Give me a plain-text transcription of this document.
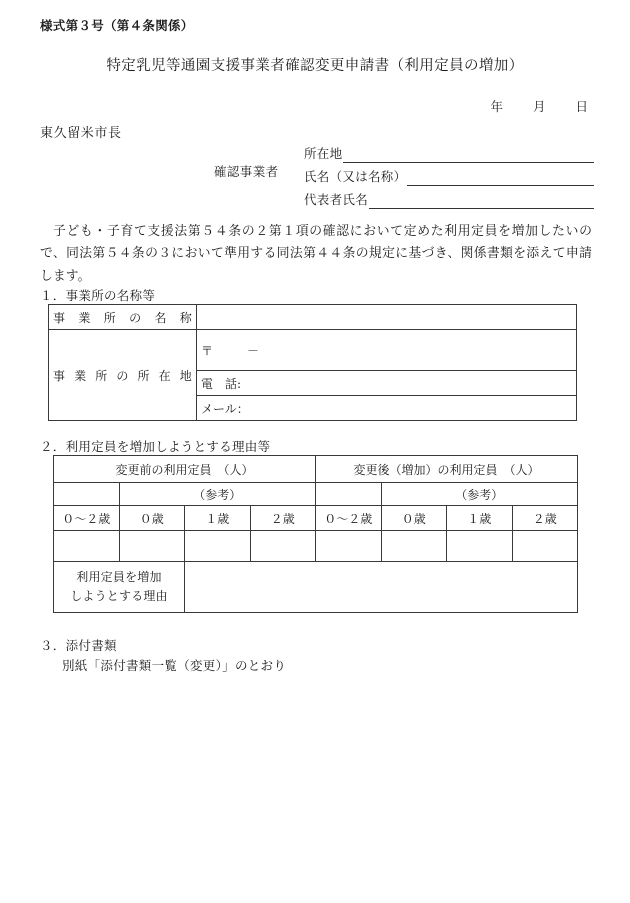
様式第３号（第４条関係）
特定乳児等通園支援事業者確認変更申請書（利用定員の増加）
年 月 日
東久留米市長
確認事業者
所在地
氏名（又は名称）
代表者氏名
子ども・子育て支援法第５４条の２第１項の確認において定めた利用定員を増加したいので、同法第５４条の３において準用する同法第４４条の規定に基づき、関係書類を添えて申請します。
１．事業所の名称等
事業所の名称	
事業所の所在地	〒 －
	電　話:
	メール：
２．利用定員を増加しようとする理由等
変更前の利用定員　（人）				変更後（増加）の利用定員　（人）			
	（参考）				（参考）		
０〜２歳	０歳	１歳	２歳	０〜２歳	０歳	１歳	２歳

利用定員を増加
しようとする理由							

３．添付書類
別紙「添付書類一覧（変更）」のとおり
